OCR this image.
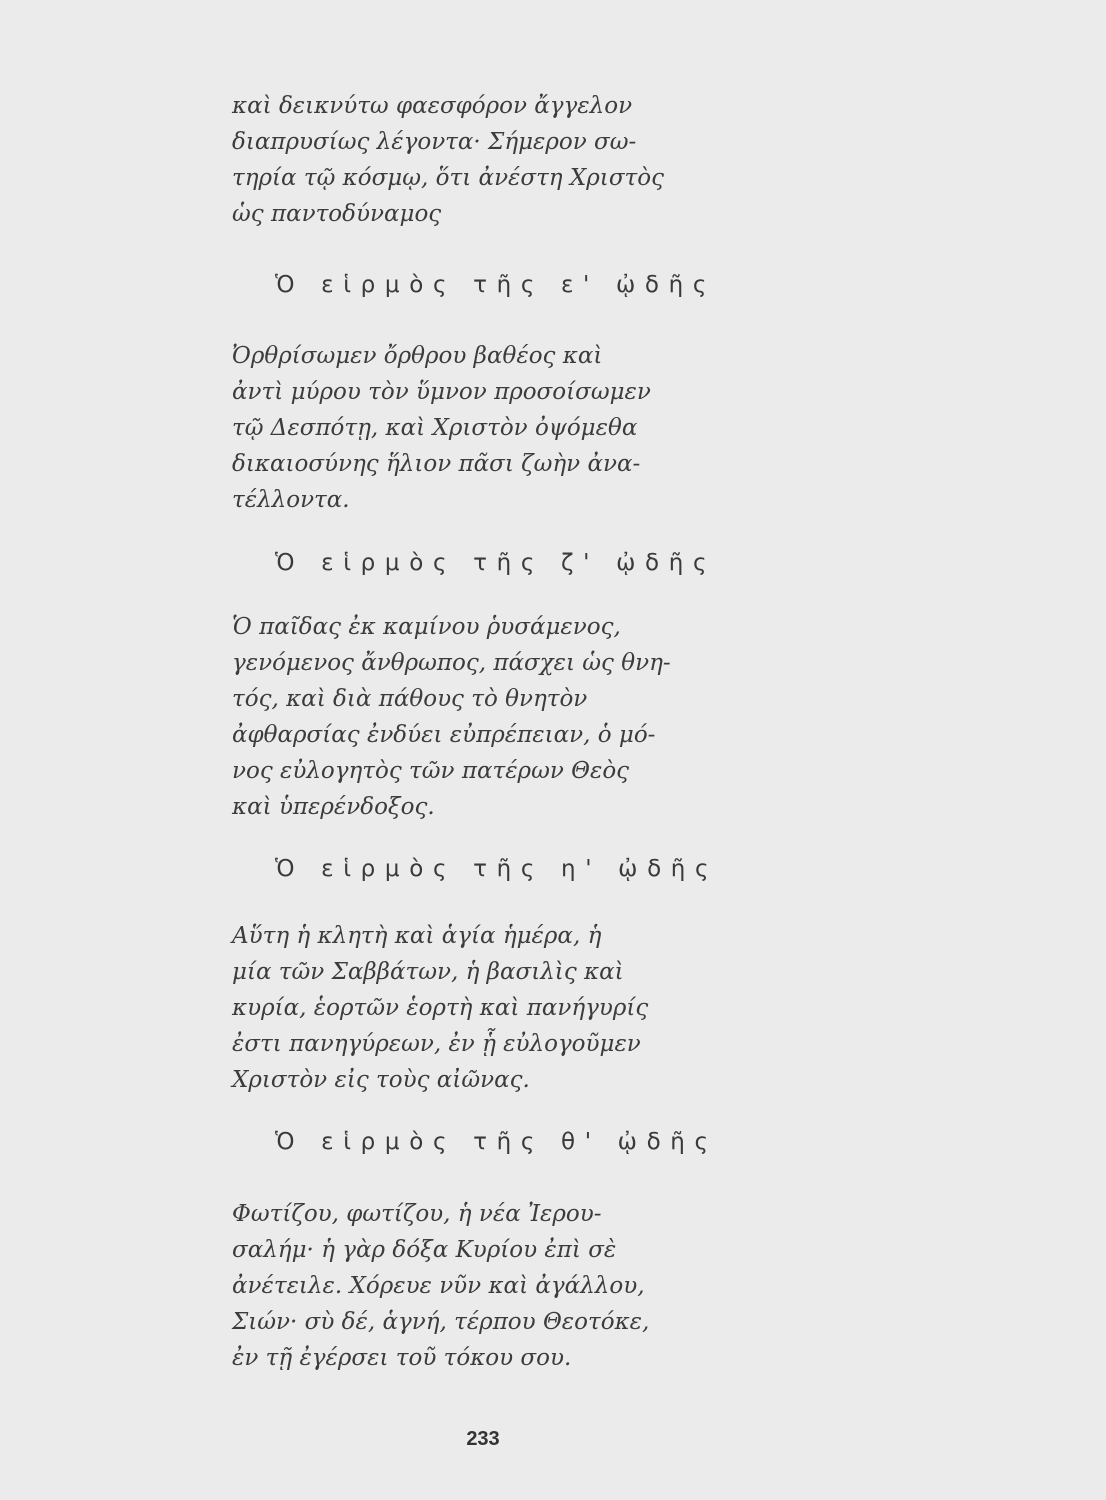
καὶ δεικνύτω φαεσφόρον ἄγγελον
διαπρυσίως λέγοντα· Σήμερον σω-
τηρία τῷ κόσμῳ, ὅτι ἀνέστη Χριστὸς
ὡς παντοδύναμος
Ὁ εἱρμὸς τῆς ε' ᾠδῆς
Ὀρθρίσωμεν ὄρθρου βαθέος καὶ
ἀντὶ μύρου τὸν ὕμνον προσοίσωμεν
τῷ Δεσπότῃ, καὶ Χριστὸν ὀψόμεθα
δικαιοσύνης ἥλιον πᾶσι ζωὴν ἀνα-
τέλλοντα.
Ὁ εἱρμὸς τῆς ζ' ᾠδῆς
Ὁ παῖδας ἐκ καμίνου ῥυσάμενος,
γενόμενος ἄνθρωπος, πάσχει ὡς θνη-
τός, καὶ διὰ πάθους τὸ θνητὸν
ἀφθαρσίας ἐνδύει εὐπρέπειαν, ὁ μό-
νος εὐλογητὸς τῶν πατέρων Θεὸς
καὶ ὑπερένδοξος.
Ὁ εἱρμὸς τῆς η' ᾠδῆς
Αὕτη ἡ κλητὴ καὶ ἁγία ἡμέρα, ἡ
μία τῶν Σαββάτων, ἡ βασιλὶς καὶ
κυρία, ἑορτῶν ἑορτὴ καὶ πανήγυρίς
ἐστι πανηγύρεων, ἐν ᾗ εὐλογοῦμεν
Χριστὸν εἰς τοὺς αἰῶνας.
Ὁ εἱρμὸς τῆς θ' ᾠδῆς
Φωτίζου, φωτίζου, ἡ νέα Ἰερου-
σαλήμ· ἡ γὰρ δόξα Κυρίου ἐπὶ σὲ
ἀνέτειλε. Χόρευε νῦν καὶ ἀγάλλου,
Σιών· σὺ δέ, ἁγνή, τέρπου Θεοτόκε,
ἐν τῇ ἐγέρσει τοῦ τόκου σου.
233
